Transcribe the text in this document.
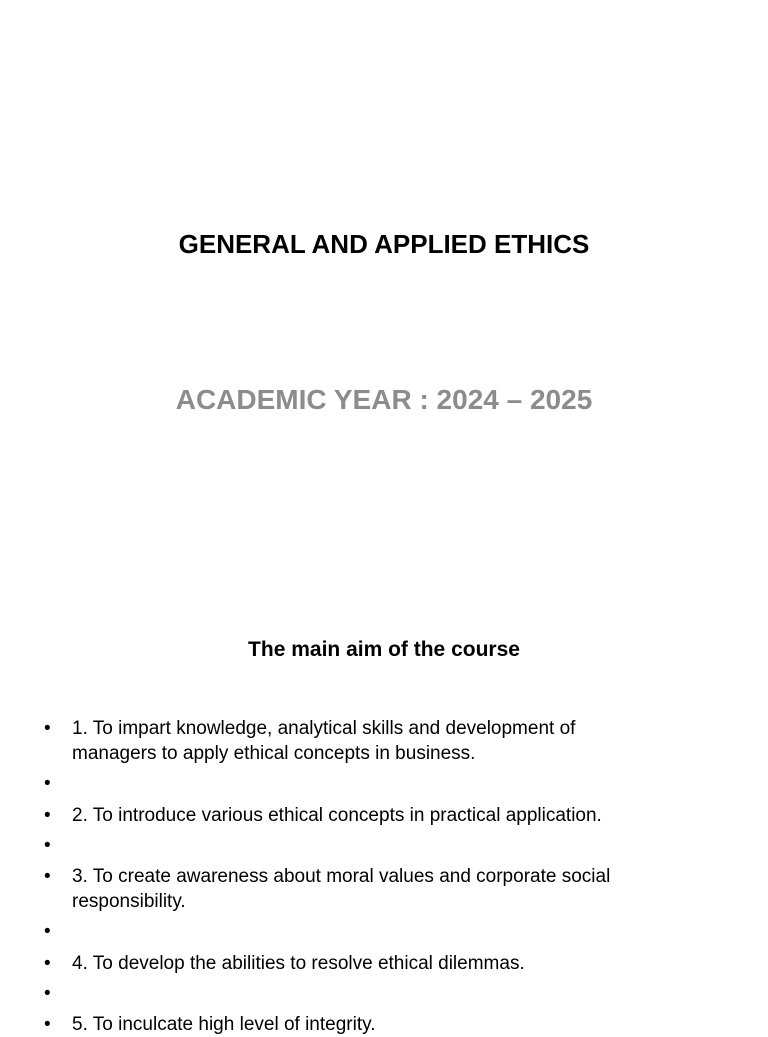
GENERAL AND APPLIED ETHICS
ACADEMIC YEAR : 2024 – 2025
The main aim of the course
•	1. To impart knowledge, analytical skills and development of managers to apply ethical concepts in business.
•
•	2. To introduce various ethical concepts in practical application.
•
•	3. To create awareness about moral values and corporate social responsibility.
•
•	4. To develop the abilities to resolve ethical dilemmas.
•
•	5. To inculcate high level of integrity.
